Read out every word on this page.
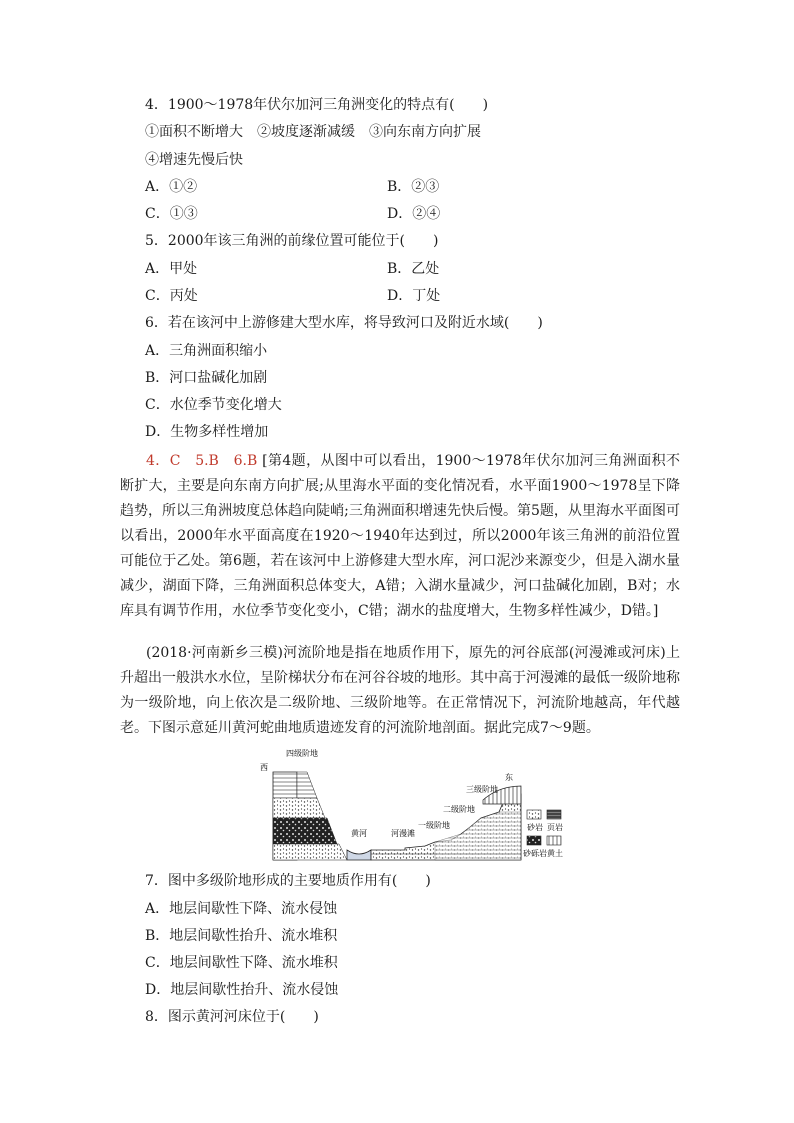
4．1900～1978年伏尔加河三角洲变化的特点有(　　)
①面积不断增大　②坡度逐渐减缓　③向东南方向扩展
④增速先慢后快
A．①②	B．②③
C．①③	D．②④
5．2000年该三角洲的前缘位置可能位于(　　)
A．甲处	B．乙处
C．丙处	D．丁处
6．若在该河中上游修建大型水库，将导致河口及附近水域(　　)
A．三角洲面积缩小
B．河口盐碱化加剧
C．水位季节变化增大
D．生物多样性增加
4．C　5.B　6.B [第4题，从图中可以看出，1900～1978年伏尔加河三角洲面积不断扩大，主要是向东南方向扩展;从里海水平面的变化情况看，水平面1900～1978呈下降趋势，所以三角洲坡度总体趋向陡峭;三角洲面积增速先快后慢。第5题，从里海水平面图可以看出，2000年水平面高度在1920～1940年达到过，所以2000年该三角洲的前沿位置可能位于乙处。第6题，若在该河中上游修建大型水库，河口泥沙来源变少，但是入湖水量减少，湖面下降，三角洲面积总体变大，A错；入湖水量减少，河口盐碱化加剧，B对；水库具有调节作用，水位季节变化变小，C错；湖水的盐度增大，生物多样性减少，D错。]
(2018·河南新乡三模)河流阶地是指在地质作用下，原先的河谷底部(河漫滩或河床)上升超出一般洪水水位，呈阶梯状分布在河谷谷坡的地形。其中高于河漫滩的最低一级阶地称为一级阶地，向上依次是二级阶地、三级阶地等。在正常情况下，河流阶地越高，年代越老。下图示意延川黄河蛇曲地质遗迹发育的河流阶地剖面。据此完成7～9题。
西
四级阶地
黄河	河漫滩
一级阶地
二级阶地
三级阶地
东
砂岩 页岩
砂砾岩 黄土
7．图中多级阶地形成的主要地质作用有(　　)
A．地层间歇性下降、流水侵蚀
B．地层间歇性抬升、流水堆积
C．地层间歇性下降、流水堆积
D．地层间歇性抬升、流水侵蚀
8．图示黄河河床位于(　　)
